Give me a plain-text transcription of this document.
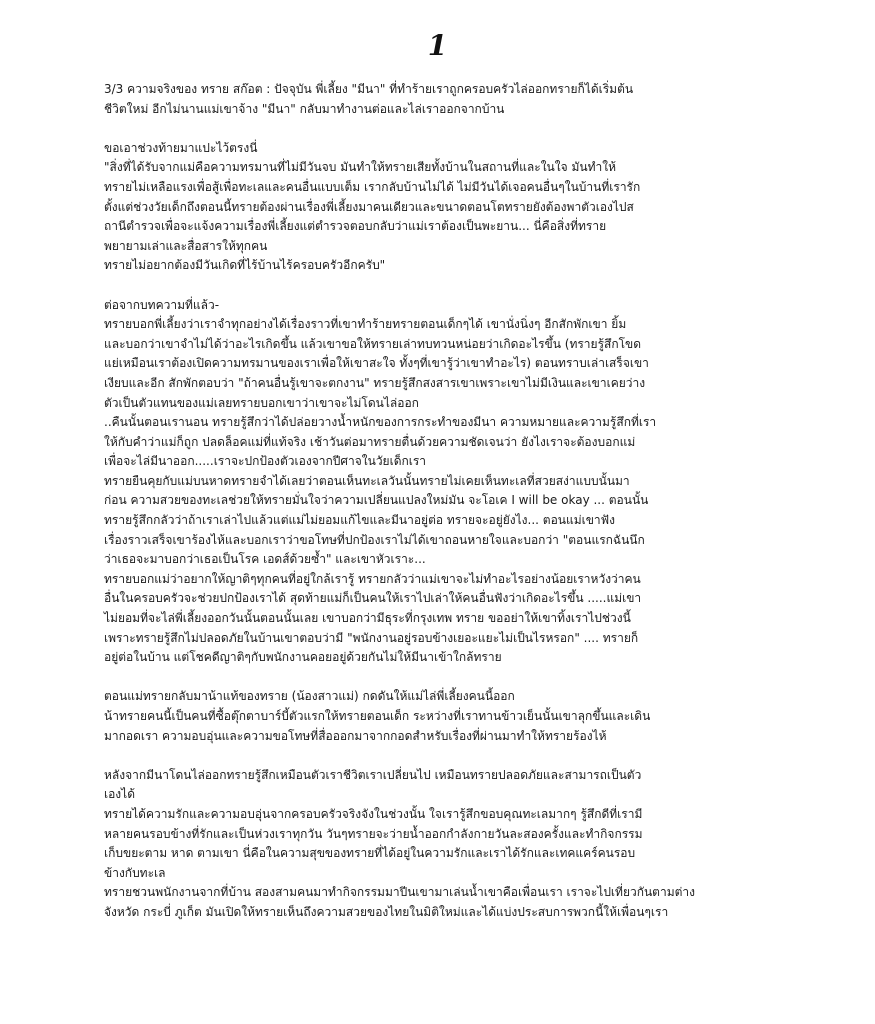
1
3/3 ความจริงของ ทราย สก๊อต : ปัจจุบัน พี่เลี้ยง "มีนา" ที่ทำร้ายเราถูกครอบครัวไล่ออกทรายก็ได้เริ่มต้น
ชีวิตใหม่ อีกไม่นานแม่เขาจ้าง "มีนา" กลับมาทำงานต่อและไล่เราออกจากบ้าน
ขอเอาช่วงท้ายมาแปะไว้ตรงนี่
"สิ่งที่ได้รับจากแม่คือความทรมานที่ไม่มีวันจบ มันทำให้ทรายเสียทั้งบ้านในสถานที่และในใจ มันทำให้
ทรายไม่เหลือแรงเพื่อสู้เพื่อทะเลและคนอื่นแบบเต็ม เรากลับบ้านไม่ได้ ไม่มีวันได้เจอคนอื่นๆในบ้านที่เรารัก
ตั้งแต่ช่วงวัยเด็กถึงตอนนี้ทรายต้องผ่านเรื่องพี่เลี้ยงมาคนเดียวและขนาดตอนโตทรายยังต้องพาตัวเองไปส
ถานีตำรวจเพื่อจะแจ้งความเรื่องพี่เลี้ยงแต่ตำรวจตอบกลับว่าแม่เราต้องเป็นพะยาน... นี่คือสิ่งที่ทราย
พยายามเล่าและสื่อสารให้ทุกคน
ทรายไม่อยากต้องมีวันเกิดที่ไร้บ้านไร้ครอบครัวอีกครับ"
ต่อจากบทความที่แล้ว-
ทรายบอกพี่เลี้ยงว่าเราจำทุกอย่างได้เรื่องราวที่เขาทำร้ายทรายตอนเด็กๆได้ เขานั่งนิ่งๆ อีกสักพักเขา ยิ้ม
และบอกว่าเขาจำไม่ได้ว่าอะไรเกิดขึ้น แล้วเขาขอให้ทรายเล่าทบทวนหน่อยว่าเกิดอะไรขึ้น (ทรายรู้สึกโขด
แย่เหมือนเราต้องเปิดความทรมานของเราเพื่อให้เขาสะใจ ทั้งๆที่เขารู้ว่าเขาทำอะไร) ตอนทราบเล่าเสร็จเขา
เงียบและอีก สักพักตอบว่า "ถ้าคนอื่นรู้เขาจะตกงาน" ทรายรู้สึกสงสารเขาเพราะเขาไม่มีเงินและเขาเคยว่าง
ตัวเป็นตัวแทนของแม่เลยทรายบอกเขาว่าเขาจะไม่โดนไล่ออก
..คืนนั้นตอนเรานอน ทรายรู้สึกว่าได้ปล่อยวางน้ำหนักของการกระทำของมีนา ความหมายและความรู้สึกที่เรา
ให้กับคำว่าแม่ก็ถูก ปลดล็อคแม่ที่แท้จริง เช้าวันต่อมาทรายตื่นด้วยความชัดเจนว่า ยังไงเราจะต้องบอกแม่
เพื่อจะไล่มีนาออก.....เราจะปกป้องตัวเองจากปีศาจในวัยเด็กเรา
ทรายยืนคุยกับแม่บนหาดทรายจำได้เลยว่าตอนเห็นทะเลวันนั้นทรายไม่เคยเห็นทะเลที่สวยสง่าแบบนั้นมา
ก่อน ความสวยของทะเลช่วยให้ทรายมั่นใจว่าความเปลี่ยนแปลงใหม่มัน จะโอเค I will be okay ... ตอนนั้น
ทรายรู้สึกกลัวว่าถ้าเราเล่าไปแล้วแต่แม่ไม่ยอมแก้ไขและมีนาอยู่ต่อ ทรายจะอยู่ยังไง... ตอนแม่เขาฟัง
เรื่องราวเสร็จเขาร้องไห้และบอกเราว่าขอโทษที่ปกป้องเราไม่ได้เขาถอนหายใจและบอกว่า "ตอนแรกฉันนึก
ว่าเธอจะมาบอกว่าเธอเป็นโรค เอดส์ด้วยซ้ำ" และเขาหัวเราะ...
ทรายบอกแม่ว่าอยากให้ญาติๆทุกคนที่อยู่ใกล้เรารู้ ทรายกลัวว่าแม่เขาจะไม่ทำอะไรอย่างน้อยเราหวังว่าคน
อื่นในครอบครัวจะช่วยปกป้องเราได้ สุดท้ายแม่ก็เป็นคนให้เราไปเล่าให้คนอื่นฟังว่าเกิดอะไรขึ้น .....แม่เขา
ไม่ยอมที่จะไล่พี่เลี้ยงออกวันนั้นตอนนั้นเลย เขาบอกว่ามีธุระที่กรุงเทพ ทราย ขออย่าให้เขาทิ้งเราไปช่วงนี้
เพราะทรายรู้สึกไม่ปลอดภัยในบ้านเขาตอบว่ามี "พนักงานอยู่รอบข้างเยอะแยะไม่เป็นไรหรอก" .... ทรายก็
อยู่ต่อในบ้าน แต่โชคดีญาติๆกับพนักงานคอยอยู่ด้วยกันไม่ให้มีนาเข้าใกล้ทราย
ตอนแม่ทรายกลับมาน้าแท้ของทราย (น้องสาวแม่) กดดันให้แม่ไล่พี่เลี้ยงคนนี้ออก
น้าทรายคนนี้เป็นคนที่ซื้อตุ๊กตาบาร์บี้ตัวแรกให้ทรายตอนเด็ก ระหว่างที่เราทานข้าวเย็นนั้นเขาลุกขึ้นและเดิน
มากอดเรา ความอบอุ่นและความขอโทษที่สื่อออกมาจากกอดสำหรับเรื่องที่ผ่านมาทำให้ทรายร้องไห้
หลังจากมีนาโดนไล่ออกทรายรู้สึกเหมือนตัวเราชีวิตเราเปลี่ยนไป เหมือนทรายปลอดภัยและสามารถเป็นตัว
เองได้
ทรายได้ความรักและความอบอุ่นจากครอบครัวจริงจังในช่วงนั้น ใจเรารู้สึกขอบคุณทะเลมากๆ รู้สึกดีที่เรามี
หลายคนรอบข้างที่รักและเป็นห่วงเราทุกวัน วันๆทรายจะว่ายน้ำออกกำลังกายวันละสองครั้งและทำกิจกรรม
เก็บขยะตาม หาด ตามเขา นี่คือในความสุขของทรายที่ได้อยู่ในความรักและเราได้รักและเทคแคร์คนรอบ
ข้างกับทะเล
ทรายชวนพนักงานจากที่บ้าน สองสามคนมาทำกิจกรรมมาปีนเขามาเล่นน้ำเขาคือเพื่อนเรา เราจะไปเที่ยวกันตามต่าง
จังหวัด กระบี่ ภูเก็ต มันเปิดให้ทรายเห็นถึงความสวยของไทยในมิติใหม่และได้แบ่งประสบการพวกนี้ให้เพื่อนๆเรา
